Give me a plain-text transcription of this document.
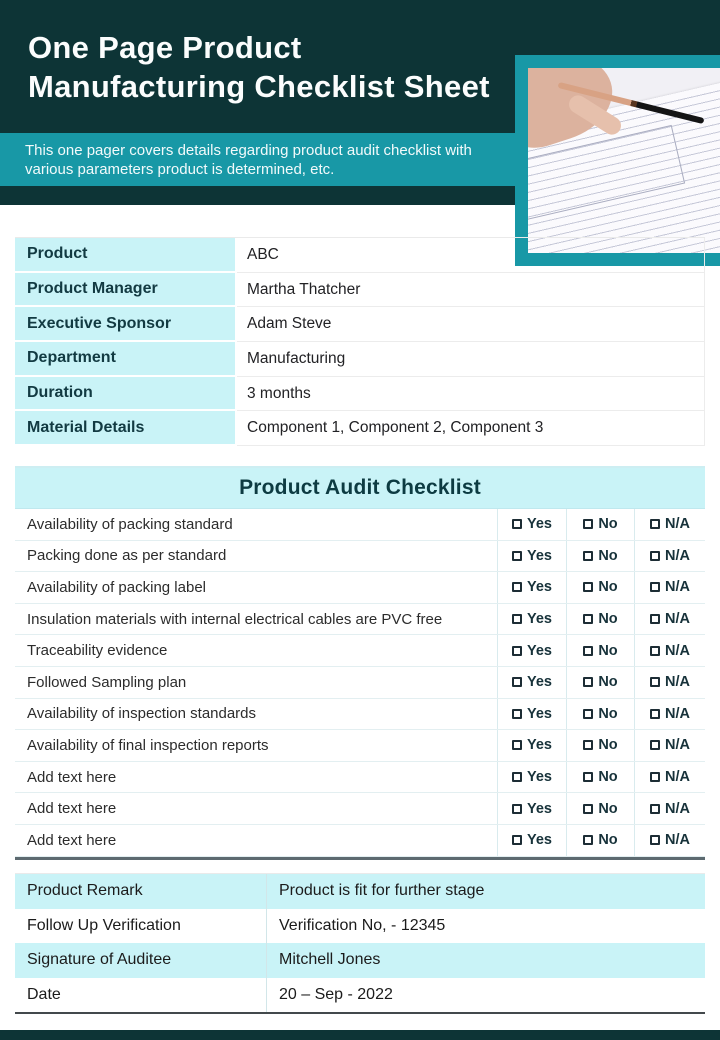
One Page Product
Manufacturing Checklist Sheet
This one pager covers details regarding product audit checklist with
various parameters product is determined, etc.
Product	ABC
Product Manager	Martha Thatcher
Executive Sponsor	Adam Steve
Department	Manufacturing
Duration	3 months
Material Details	Component 1, Component 2, Component 3
Product Audit Checklist
Availability of packing standard	Yes	No	N/A
Packing done as per standard	Yes	No	N/A
Availability of packing label	Yes	No	N/A
Insulation materials with internal electrical cables are PVC free	Yes	No	N/A
Traceability evidence	Yes	No	N/A
Followed Sampling plan	Yes	No	N/A
Availability of inspection standards	Yes	No	N/A
Availability of final inspection reports	Yes	No	N/A
Add text here	Yes	No	N/A
Add text here	Yes	No	N/A
Add text here	Yes	No	N/A
Product Remark	Product is fit for further stage
Follow Up Verification	Verification No, - 12345
Signature of Auditee	Mitchell Jones
Date	20 – Sep - 2022
